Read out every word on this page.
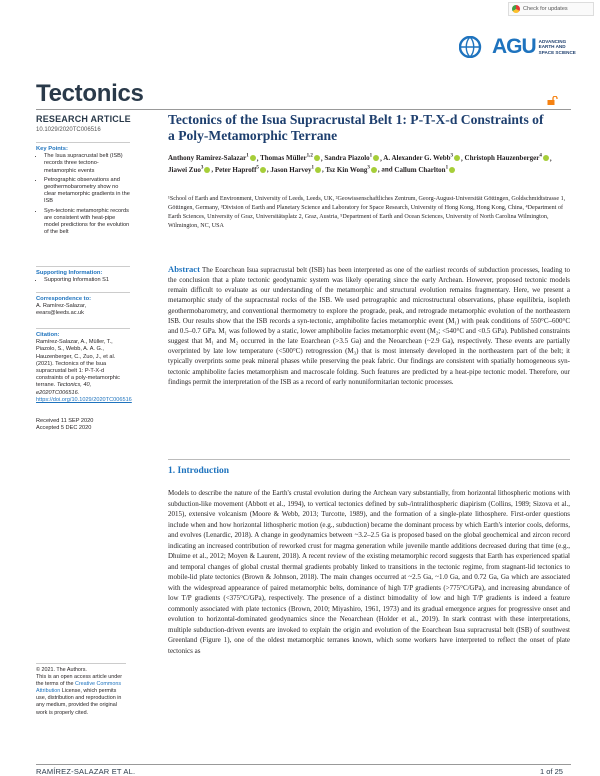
Check for updates
AGU ADVANCING
EARTH AND
SPACE SCIENCE
Tectonics
RESEARCH ARTICLE
10.1029/2020TC006516
Key Points:
• The Isua supracrustal belt (ISB) records three tectono-metamorphic events
• Petrographic observations and geothermobarometry show no clear metamorphic gradients in the ISB
• Syn-tectonic metamorphic records are consistent with heat-pipe model predictions for the evolution of the belt
Supporting Information:
• Supporting Information S1
Correspondence to:
A. Ramírez-Salazar,
eears@leeds.ac.uk
Citation:
Ramírez-Salazar, A., Müller, T., Piazolo, S., Webb, A. A. G., Hauzenberger, C., Zuo, J., et al. (2021). Tectonics of the Isua supracrustal belt 1: P-T-X-d constraints of a poly-metamorphic terrane. Tectonics, 40, e2020TC006516. https://doi.org/10.1029/2020TC006516
Received 11 SEP 2020
Accepted 5 DEC 2020
© 2021. The Authors.
This is an open access article under the terms of the Creative Commons Attribution License, which permits use, distribution and reproduction in any medium, provided the original work is properly cited.
Tectonics of the Isua Supracrustal Belt 1: P-T-X-d Constraints of a Poly-Metamorphic Terrane
Anthony Ramírez-Salazar$^1$ , Thomas Müller$^{1,2}$ , Sandra Piazolo$^1$ , A. Alexander G. Webb$^3$ , Christoph Hauzenberger$^4$ , Jiawei Zuo$^3$ , Peter Haproff$^5$ , Jason Harvey$^1$ , Tsz Kin Wong$^3$ , and Callum Charlton$^1$
¹School of Earth and Environment, University of Leeds, Leeds, UK, ²Geowissenschaftliches Zentrum, Georg-August-Universität Göttingen, Goldschmidtstrasse 1, Göttingen, Germany, ³Division of Earth and Planetary Science and Laboratory for Space Research, University of Hong Kong, Hong Kong, China, ⁴Department of Earth Sciences, University of Graz, Universitätsplatz 2, Graz, Austria, ⁵Department of Earth and Ocean Sciences, University of North Carolina Wilmington, Wilmington, NC, USA
Abstract The Eoarchean Isua supracrustal belt (ISB) has been interpreted as one of the earliest records of subduction processes, leading to the conclusion that a plate tectonic geodynamic system was likely operating since the early Archean. However, proposed tectonic models remain difficult to evaluate as our understanding of the metamorphic and structural evolution remains fragmentary. Here, we present a metamorphic study of the supracrustal rocks of the ISB. We used petrographic and microstructural observations, phase equilibria, isopleth geothermobarometry, and conventional thermometry to explore the prograde, peak, and retrograde metamorphic evolution of the northeastern ISB. Our results show that the ISB records a syn-tectonic, amphibolite facies metamorphic event (M₁) with peak conditions of 550°C–600°C and 0.5–0.7 GPa. M₁ was followed by a static, lower amphibolite facies metamorphic event (M₂; <540°C and <0.5 GPa). Published constraints suggest that M₁ and M₂ occurred in the late Eoarchean (>3.5 Ga) and the Neoarchean (~2.9 Ga), respectively. These events are partially overprinted by late low temperature (<500°C) retrogression (M₃) that is most intensely developed in the northeastern part of the belt; it typically overprints some peak mineral phases while preserving the peak fabric. Our findings are consistent with spatially homogeneous syn-tectonic amphibolite facies metamorphism and macroscale folding. Such features are predicted by a heat-pipe tectonic model. Therefore, our findings permit the interpretation of the ISB as a record of early nonuniformitarian tectonic processes.
1. Introduction
Models to describe the nature of the Earth's crustal evolution during the Archean vary substantially, from horizontal lithospheric motions with subduction-like movement (Abbott et al., 1994), to vertical tectonics defined by sub-/intralithospheric diapirism (Collins, 1989; Sizova et al., 2015), extensive volcanism (Moore & Webb, 2013; Turcotte, 1989), and the formation of a single-plate lithosphere. First-order questions include when and how horizontal lithospheric motion (e.g., subduction) became the dominant process by which Earth's interior cools, deforms, and evolves (Lenardic, 2018). A change in geodynamics between ~3.2–2.5 Ga is proposed based on the global geochemical and zircon record indicating an increased contribution of reworked crust for magma generation while juvenile mantle additions decreased during that time (e.g., Dhuime et al., 2012; Moyen & Laurent, 2018). A recent review of the existing metamorphic record suggests that Earth has experienced spatial and temporal changes of global crustal thermal gradients probably linked to transitions in the tectonic regime, from stagnant-lid tectonics to mobile-lid plate tectonics (Brown & Johnson, 2018). The main changes occurred at ~2.5 Ga, ~1.0 Ga, and 0.72 Ga, Ga which are associated with the widespread appearance of paired metamorphic belts, dominance of high T/P gradients (>775°C/GPa), and increasing abundance of low T/P gradients (<375°C/GPa), respectively. The presence of a distinct bimodality of low and high T/P gradients is indeed a feature commonly associated with plate tectonics (Brown, 2010; Miyashiro, 1961, 1973) and its gradual emergence argues for progressive onset and evolution to horizontal-dominated geodynamics since the Neoarchean (Holder et al., 2019). In stark contrast with these interpretations, multiple subduction-driven events are invoked to explain the origin and evolution of the Eoarchean Isua supracrustal belt (ISB) of southwest Greenland (Figure 1), one of the oldest metamorphic terranes known, which some workers have interpreted to reflect the onset of plate tectonics as
RAMÍREZ-SALAZAR ET AL.	1 of 25
